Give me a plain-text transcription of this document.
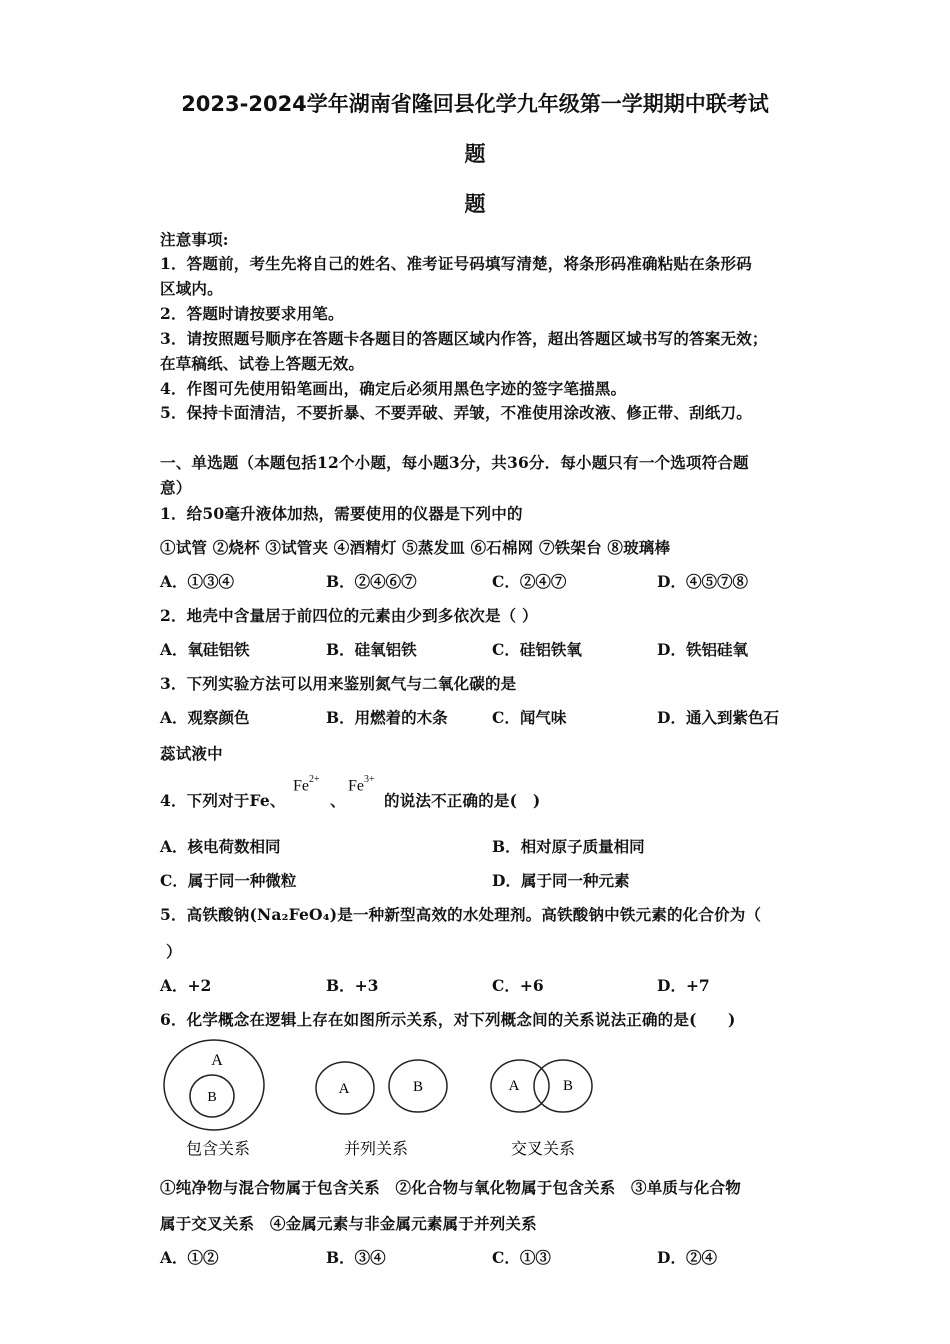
2023-2024学年湖南省隆回县化学九年级第一学期期中联考试
题
题
注意事项:
1．答题前，考生先将自己的姓名、准考证号码填写清楚，将条形码准确粘贴在条形码
区域内。
2．答题时请按要求用笔。
3．请按照题号顺序在答题卡各题目的答题区域内作答，超出答题区域书写的答案无效；
在草稿纸、试卷上答题无效。
4．作图可先使用铅笔画出，确定后必须用黑色字迹的签字笔描黑。
5．保持卡面清洁，不要折暴、不要弄破、弄皱，不准使用涂改液、修正带、刮纸刀。
一、单选题（本题包括12个小题，每小题3分，共36分．每小题只有一个选项符合题
意）
1．给50毫升液体加热，需要使用的仪器是下列中的
①试管 ②烧杯 ③试管夹 ④酒精灯 ⑤蒸发皿 ⑥石棉网 ⑦铁架台 ⑧玻璃棒
A．①③④	B．②④⑥⑦	C．②④⑦	D．④⑤⑦⑧
2．地壳中含量居于前四位的元素由少到多依次是（ ）
A．氧硅铝铁	B．硅氧铝铁	C．硅铝铁氧	D．铁铝硅氧
3．下列实验方法可以用来鉴别氮气与二氧化碳的是
A．观察颜色	B．用燃着的木条	C．闻气味	D．通入到紫色石
蕊试液中
4．下列对于Fe、
$Fe^{2+}$
、
$Fe^{3+}$
的说法不正确的是(　)
A．核电荷数相同	B．相对原子质量相同
C．属于同一种微粒	D．属于同一种元素
5．高铁酸钠(Na₂FeO₄)是一种新型高效的水处理剂。高铁酸钠中铁元素的化合价为（
）
A．+2	B．+3	C．+6	D．+7
6．化学概念在逻辑上存在如图所示关系，对下列概念间的关系说法正确的是(　　)
A
B
包含关系
A	B
并列关系
A	B
交叉关系
①纯净物与混合物属于包含关系　②化合物与氧化物属于包含关系　③单质与化合物
属于交叉关系　④金属元素与非金属元素属于并列关系
A．①②	B．③④	C．①③	D．②④
